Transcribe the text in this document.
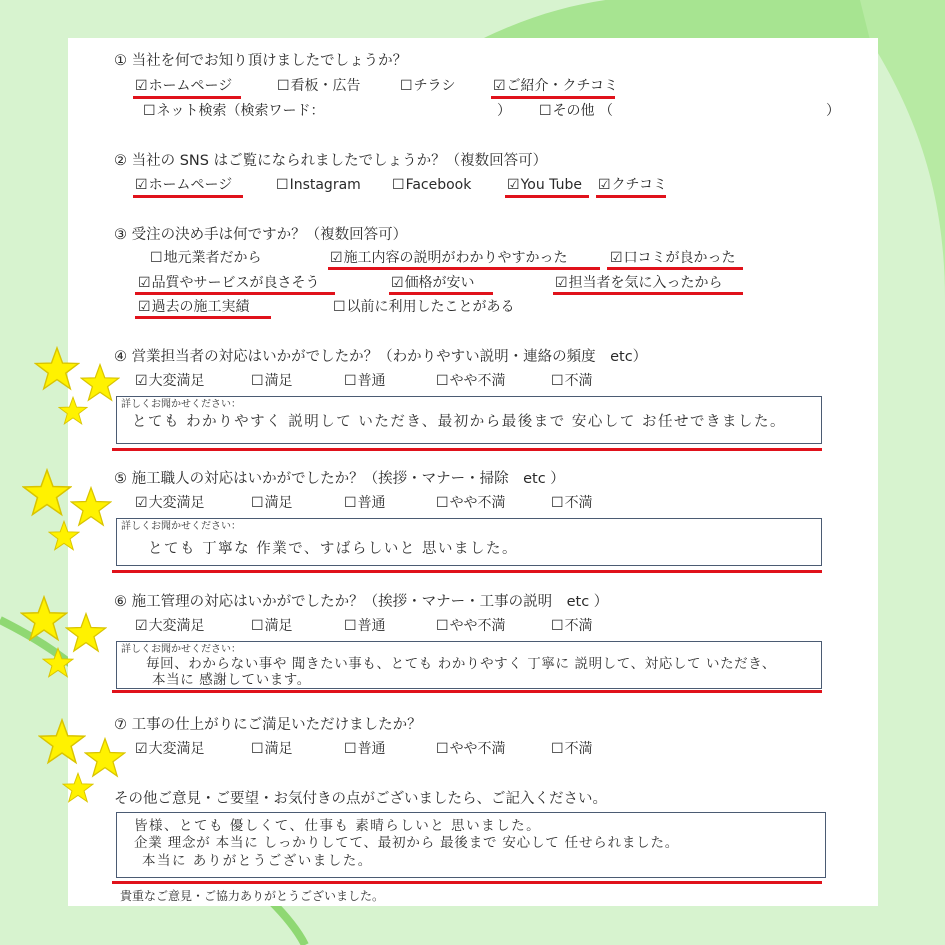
① 当社を何でお知り頂けましたでしょうか？
☑ホームページ	☐看板・広告	☐チラシ	☑ご紹介・クチコミ
☐ネット検索（検索ワード：	） ☐その他 （	）
② 当社の SNS はご覧になられましたでしょうか？（複数回答可）
☑ホームページ	☐Instagram ☐Facebook	☑You Tube ☑クチコミ
③ 受注の決め手は何ですか？（複数回答可）
☐地元業者だから	☑施工内容の説明がわかりやすかった	☑口コミが良かった
☑品質やサービスが良さそう	☑価格が安い	☑担当者を気に入ったから
☑過去の施工実績	☐以前に利用したことがある
④ 営業担当者の対応はいかがでしたか？（わかりやすい説明・連絡の頻度　etc）
☑大変満足	☐満足	☐普通	☐やや不満	☐不満
詳しくお聞かせください：
とても わかりやすく 説明して いただき、最初から最後まで 安心して お任せできました。
⑤ 施工職人の対応はいかがでしたか？（挨拶・マナー・掃除　etc ）
☑大変満足	☐満足	☐普通	☐やや不満	☐不満
詳しくお聞かせください：
とても 丁寧な 作業で、すばらしいと 思いました。
⑥ 施工管理の対応はいかがでしたか？（挨拶・マナー・工事の説明　etc ）
☑大変満足	☐満足	☐普通	☐やや不満	☐不満
詳しくお聞かせください：
毎回、わからない事や 聞きたい事も、とても わかりやすく 丁寧に 説明して、対応して いただき、
本当に 感謝しています。
⑦ 工事の仕上がりにご満足いただけましたか？
☑大変満足	☐満足	☐普通	☐やや不満	☐不満
その他ご意見・ご要望・お気付きの点がございましたら、ご記入ください。
皆様、とても 優しくて、仕事も 素晴らしいと 思いました。
企業 理念が 本当に しっかりしてて、最初から 最後まで 安心して 任せられました。
本当に ありがとうございました。
貴重なご意見・ご協力ありがとうございました。
